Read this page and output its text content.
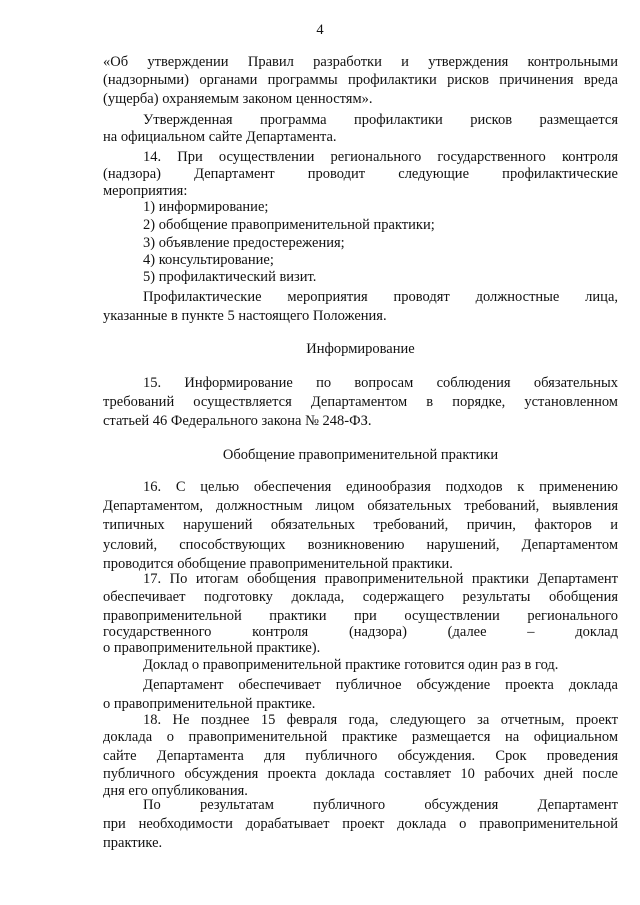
4
«Об утверждении Правил разработки и утверждения контрольными
(надзорными) органами программы профилактики рисков причинения вреда
(ущерба) охраняемым законом ценностям».
Утвержденная программа профилактики рисков размещается
на официальном сайте Департамента.
14. При осуществлении регионального государственного контроля
(надзора) Департамент проводит следующие профилактические
мероприятия:
1) информирование;
2) обобщение правоприменительной практики;
3) объявление предостережения;
4) консультирование;
5) профилактический визит.
Профилактические мероприятия проводят должностные лица,
указанные в пункте 5 настоящего Положения.
Информирование
15. Информирование по вопросам соблюдения обязательных
требований осуществляется Департаментом в порядке, установленном
статьей 46 Федерального закона № 248-ФЗ.
Обобщение правоприменительной практики
16. С целью обеспечения единообразия подходов к применению
Департаментом, должностным лицом обязательных требований, выявления
типичных нарушений обязательных требований, причин, факторов и
условий, способствующих возникновению нарушений, Департаментом
проводится обобщение правоприменительной практики.
17. По итогам обобщения правоприменительной практики Департамент
обеспечивает подготовку доклада, содержащего результаты обобщения
правоприменительной практики при осуществлении регионального
государственного контроля (надзора) (далее – доклад
о правоприменительной практике).
Доклад о правоприменительной практике готовится один раз в год.
Департамент обеспечивает публичное обсуждение проекта доклада
о правоприменительной практике.
18. Не позднее 15 февраля года, следующего за отчетным, проект
доклада о правоприменительной практике размещается на официальном
сайте Департамента для публичного обсуждения. Срок проведения
публичного обсуждения проекта доклада составляет 10 рабочих дней после
дня его опубликования.
По результатам публичного обсуждения Департамент
при необходимости дорабатывает проект доклада о правоприменительной
практике.
